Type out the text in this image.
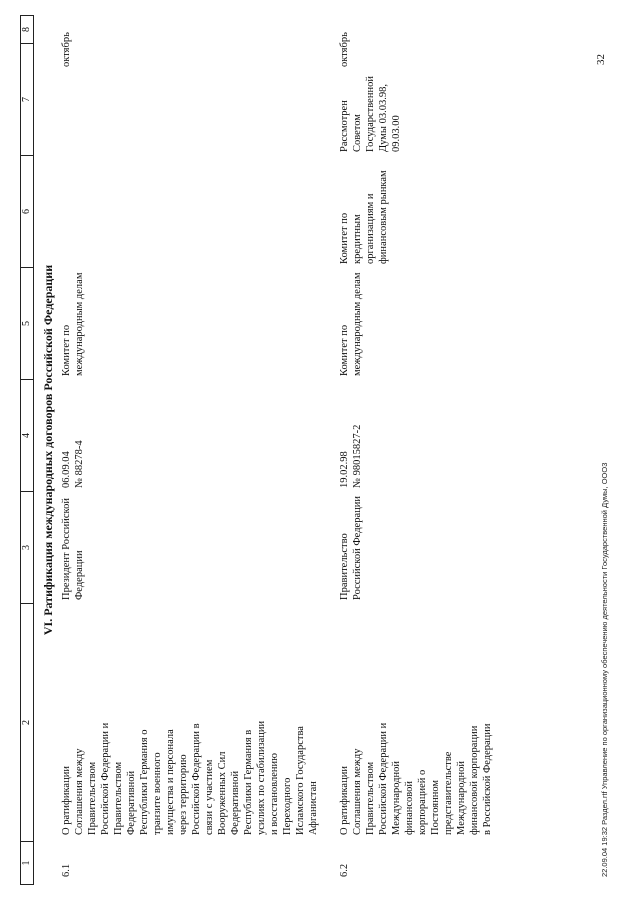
1
2
3
4
5
6
7
8
VI. Ратификация международных договоров Российской Федерации
6.1
О ратификации
Соглашения между
Правительством
Российской Федерации и
Правительством
Федеративной
Республики Германия о
транзите военного
имущества и персонала
через территорию
Российской Федерации в
связи с участием
Вооруженных Сил
Федеративной
Республики Германия в
усилиях по стабилизации
и восстановлению
Переходного
Исламского Государства
Афганистан
Президент Российской
Федерации
06.09.04
№ 88278-4
Комитет по
международным делам
октябрь
6.2
О ратификации
Соглашения между
Правительством
Российской Федерации и
Международной
финансовой
корпорацией о
Постоянном
представительстве
Международной
финансовой корпорации
в Российской Федерации
Правительство
Российской Федерации
19.02.98
№ 98015827-2
Комитет по
международным делам
Комитет по
кредитным
организациям и
финансовым рынкам
Рассмотрен
Советом
Государственной
Думы 03.03.98,
09.03.00
октябрь
22.09.04 19:32 Раздел.rtf Управление по организационному обеспечению деятельности Государственной Думы, ООО3
32
